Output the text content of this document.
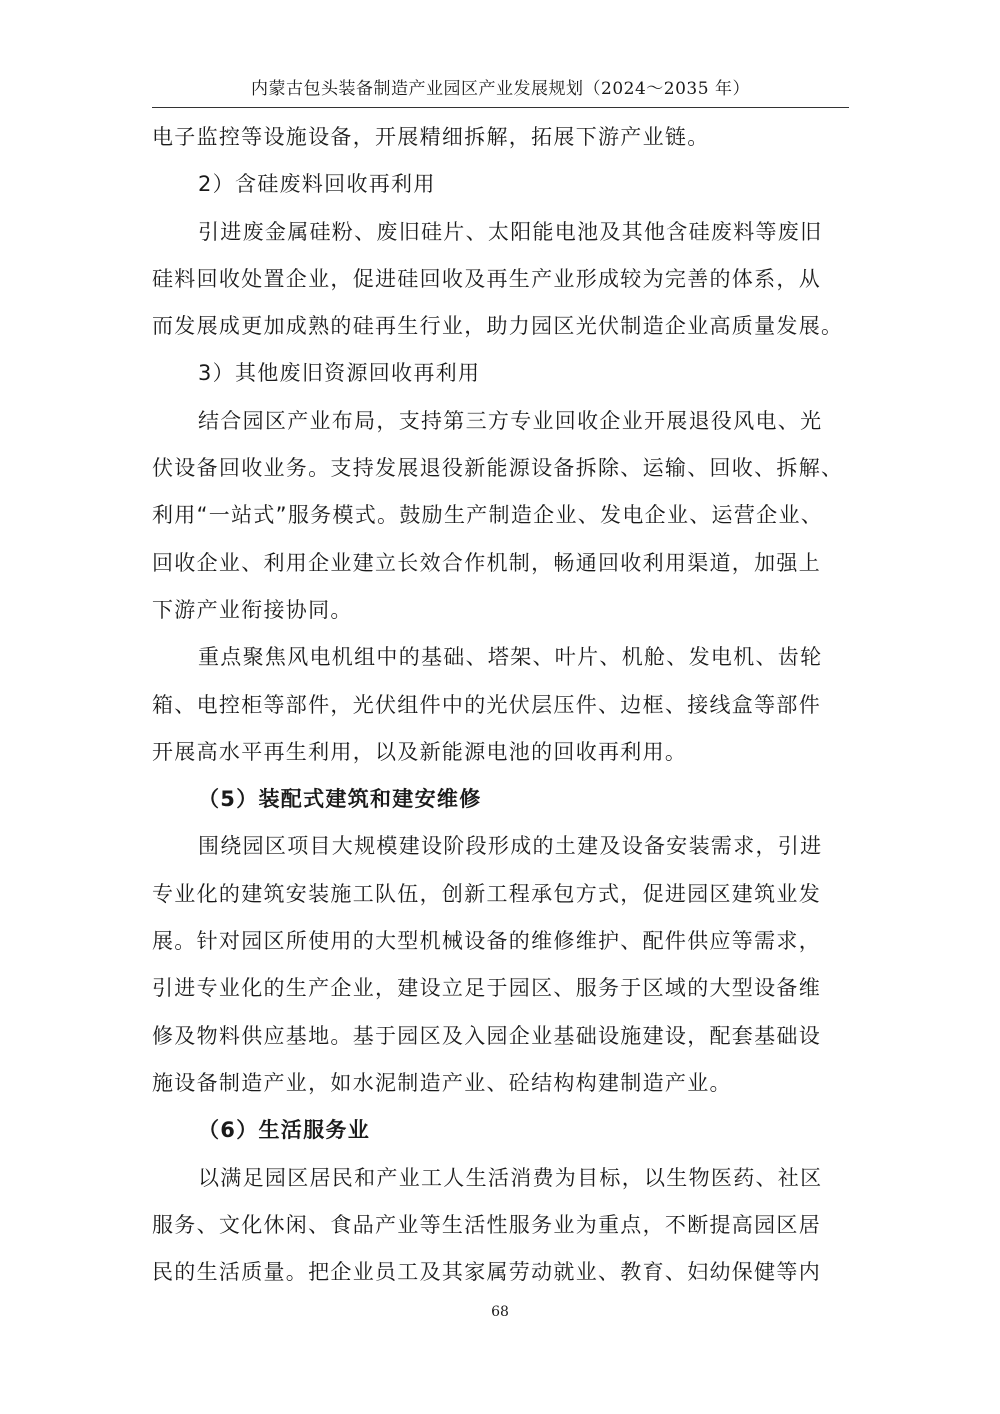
内蒙古包头装备制造产业园区产业发展规划（2024～2035 年）
电子监控等设施设备，开展精细拆解，拓展下游产业链。
2）含硅废料回收再利用
引进废金属硅粉、废旧硅片、太阳能电池及其他含硅废料等废旧
硅料回收处置企业，促进硅回收及再生产业形成较为完善的体系，从
而发展成更加成熟的硅再生行业，助力园区光伏制造企业高质量发展。
3）其他废旧资源回收再利用
结合园区产业布局，支持第三方专业回收企业开展退役风电、光
伏设备回收业务。支持发展退役新能源设备拆除、运输、回收、拆解、
利用“一站式”服务模式。鼓励生产制造企业、发电企业、运营企业、
回收企业、利用企业建立长效合作机制，畅通回收利用渠道，加强上
下游产业衔接协同。
重点聚焦风电机组中的基础、塔架、叶片、机舱、发电机、齿轮
箱、电控柜等部件，光伏组件中的光伏层压件、边框、接线盒等部件
开展高水平再生利用，以及新能源电池的回收再利用。
（5）装配式建筑和建安维修
围绕园区项目大规模建设阶段形成的土建及设备安装需求，引进
专业化的建筑安装施工队伍，创新工程承包方式，促进园区建筑业发
展。针对园区所使用的大型机械设备的维修维护、配件供应等需求，
引进专业化的生产企业，建设立足于园区、服务于区域的大型设备维
修及物料供应基地。基于园区及入园企业基础设施建设，配套基础设
施设备制造产业，如水泥制造产业、砼结构构建制造产业。
（6）生活服务业
以满足园区居民和产业工人生活消费为目标，以生物医药、社区
服务、文化休闲、食品产业等生活性服务业为重点，不断提高园区居
民的生活质量。把企业员工及其家属劳动就业、教育、妇幼保健等内
68
